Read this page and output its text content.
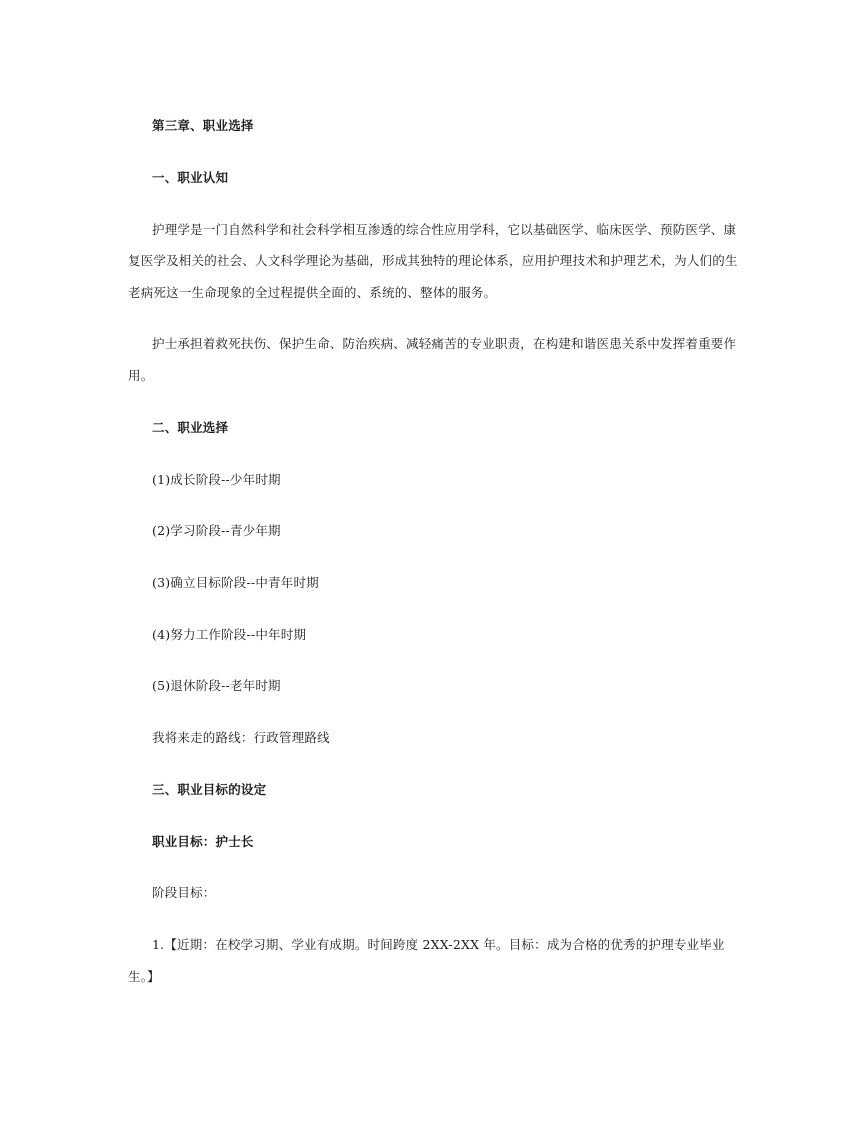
第三章、职业选择
一、职业认知
护理学是一门自然科学和社会科学相互渗透的综合性应用学科，它以基础医学、临床医学、预防医学、康
复医学及相关的社会、人文科学理论为基础，形成其独特的理论体系，应用护理技术和护理艺术，为人们的生
老病死这一生命现象的全过程提供全面的、系统的、整体的服务。
护士承担着救死扶伤、保护生命、防治疾病、减轻痛苦的专业职责，在构建和谐医患关系中发挥着重要作
用。
二、职业选择
(1)成长阶段--少年时期
(2)学习阶段--青少年期
(3)确立目标阶段--中青年时期
(4)努力工作阶段--中年时期
(5)退休阶段--老年时期
我将来走的路线：行政管理路线
三、职业目标的设定
职业目标：护士长
阶段目标：
1.【近期：在校学习期、学业有成期。时间跨度 2XX-2XX 年。目标：成为合格的优秀的护理专业毕业
生。】
